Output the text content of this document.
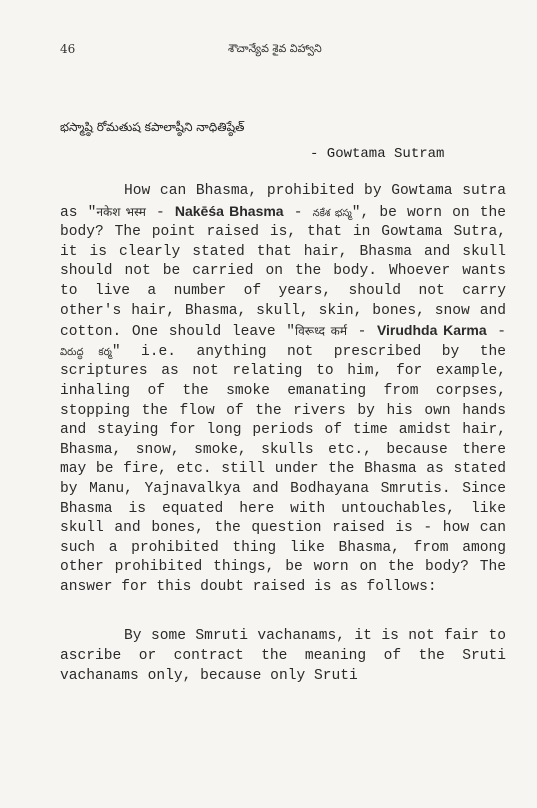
46	శౌచాన్యేవ శైవ విహ్వాని
భస్మాష్ఠి రోమతుష కపాలాష్ఠీని నాధితిష్ఠేత్
- Gowtama Sutram

How can Bhasma, prohibited by Gowtama sutra as "नकेश भस्म - Nakēśa Bhasma - నకేశ భస్మ", be worn on the body? The point raised is, that in Gowtama Sutra, it is clearly stated that hair, Bhasma and skull should not be carried on the body. Whoever wants to live a number of years, should not carry other's hair, Bhasma, skull, skin, bones, snow and cotton. One should leave "विरूध्द कर्म - Virudhda Karma - విరుద్ధ కర్మ" i.e. anything not prescribed by the scriptures as not relating to him, for example, inhaling of the smoke emanating from corpses, stopping the flow of the rivers by his own hands and staying for long periods of time amidst hair, Bhasma, snow, smoke, skulls etc., because there may be fire, etc. still under the Bhasma as stated by Manu, Yajnavalkya and Bodhayana Smrutis. Since Bhasma is equated here with untouchables, like skull and bones, the question raised is - how can such a prohibited thing like Bhasma, from among other prohibited things, be worn on the body? The answer for this doubt raised is as follows:

By some Smruti vachanams, it is not fair to ascribe or contract the meaning of the Sruti vachanams only, because only Sruti
